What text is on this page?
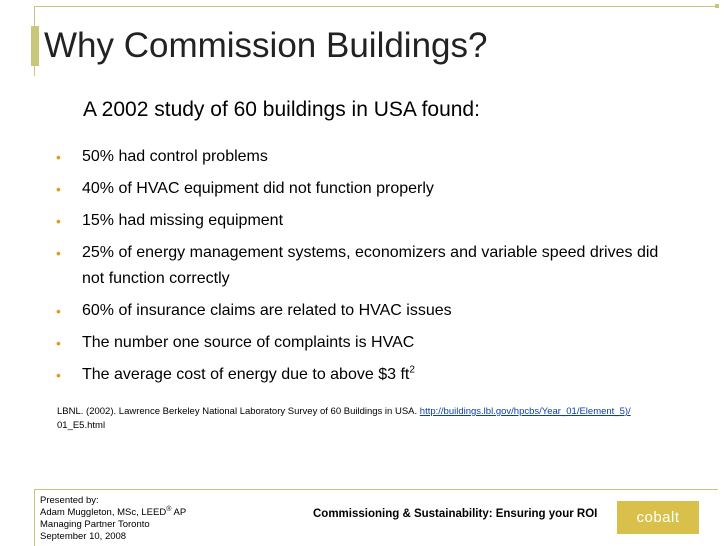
Why Commission Buildings?

A 2002 study of 60 buildings in USA found:

• 50% had control problems
• 40% of HVAC equipment did not function properly
• 15% had missing equipment
• 25% of energy management systems, economizers and variable speed drives did not function correctly
• 60% of insurance claims are related to HVAC issues
• The number one source of complaints is HVAC
• The average cost of energy due to above $3 $ft^2$
LBNL. (2002). Lawrence Berkeley National Laboratory Survey of 60 Buildings in USA. http://buildings.lbl.gov/hpcbs/Year_01/Element_5)/
01_E5.html
Presented by:
Adam Muggleton, MSc, LEED® AP
Managing Partner Toronto
September 10, 2008
Commissioning & Sustainability: Ensuring your ROI	cobalt
